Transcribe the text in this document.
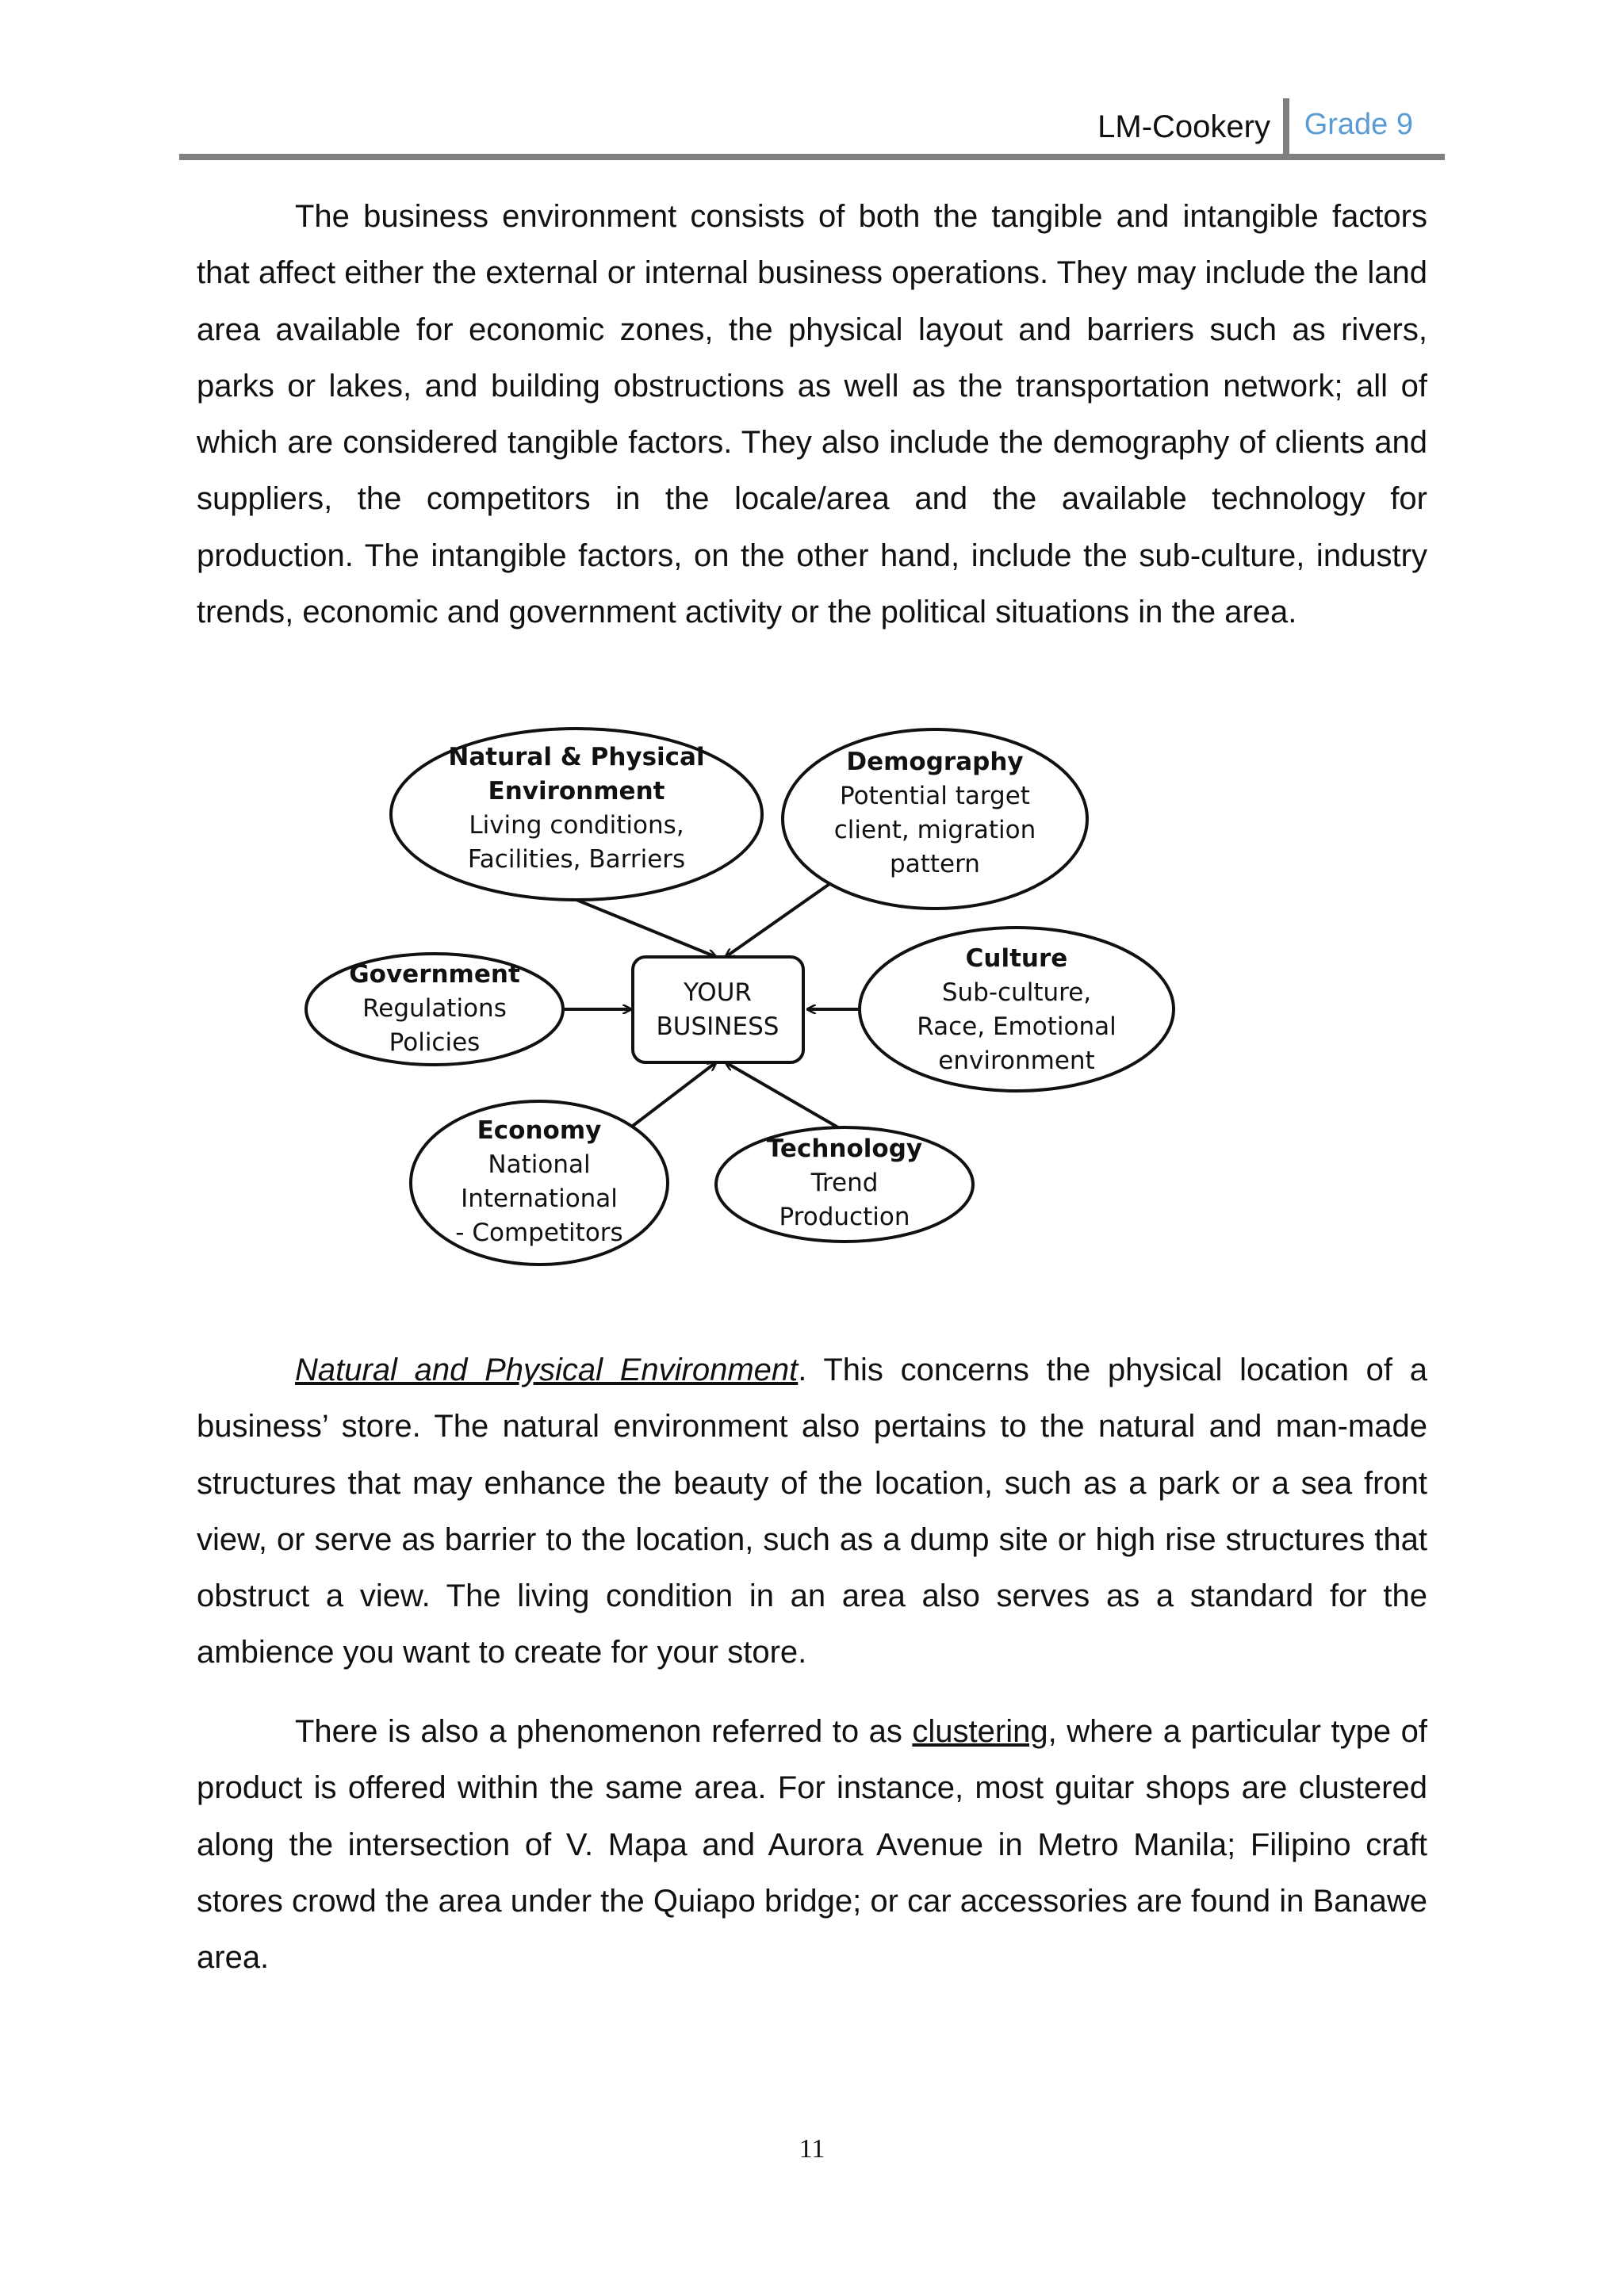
LM-Cookery Grade 9

The business environment consists of both the tangible and intangible factors that affect either the external or internal business operations. They may include the land area available for economic zones, the physical layout and barriers such as rivers, parks or lakes, and building obstructions as well as the transportation network; all of which are considered tangible factors. They also include the demography of clients and suppliers, the competitors in the locale/area and the available technology for production. The intangible factors, on the other hand, include the sub-culture, industry trends, economic and government activity or the political situations in the area.

YOUR
BUSINESS
Natural & Physical
Environment
Living conditions,
Facilities, Barriers
Demography
Potential target
client, migration
pattern
Government
Regulations
Policies
Culture
Sub-culture,
Race, Emotional
environment
Economy
National
International
- Competitors
Technology
Trend
Production

Natural and Physical Environment. This concerns the physical location of a business’ store. The natural environment also pertains to the natural and man-made structures that may enhance the beauty of the location, such as a park or a sea front view, or serve as barrier to the location, such as a dump site or high rise structures that obstruct a view. The living condition in an area also serves as a standard for the ambience you want to create for your store.

There is also a phenomenon referred to as clustering, where a particular type of product is offered within the same area. For instance, most guitar shops are clustered along the intersection of V. Mapa and Aurora Avenue in Metro Manila; Filipino craft stores crowd the area under the Quiapo bridge; or car accessories are found in Banawe area.

11
